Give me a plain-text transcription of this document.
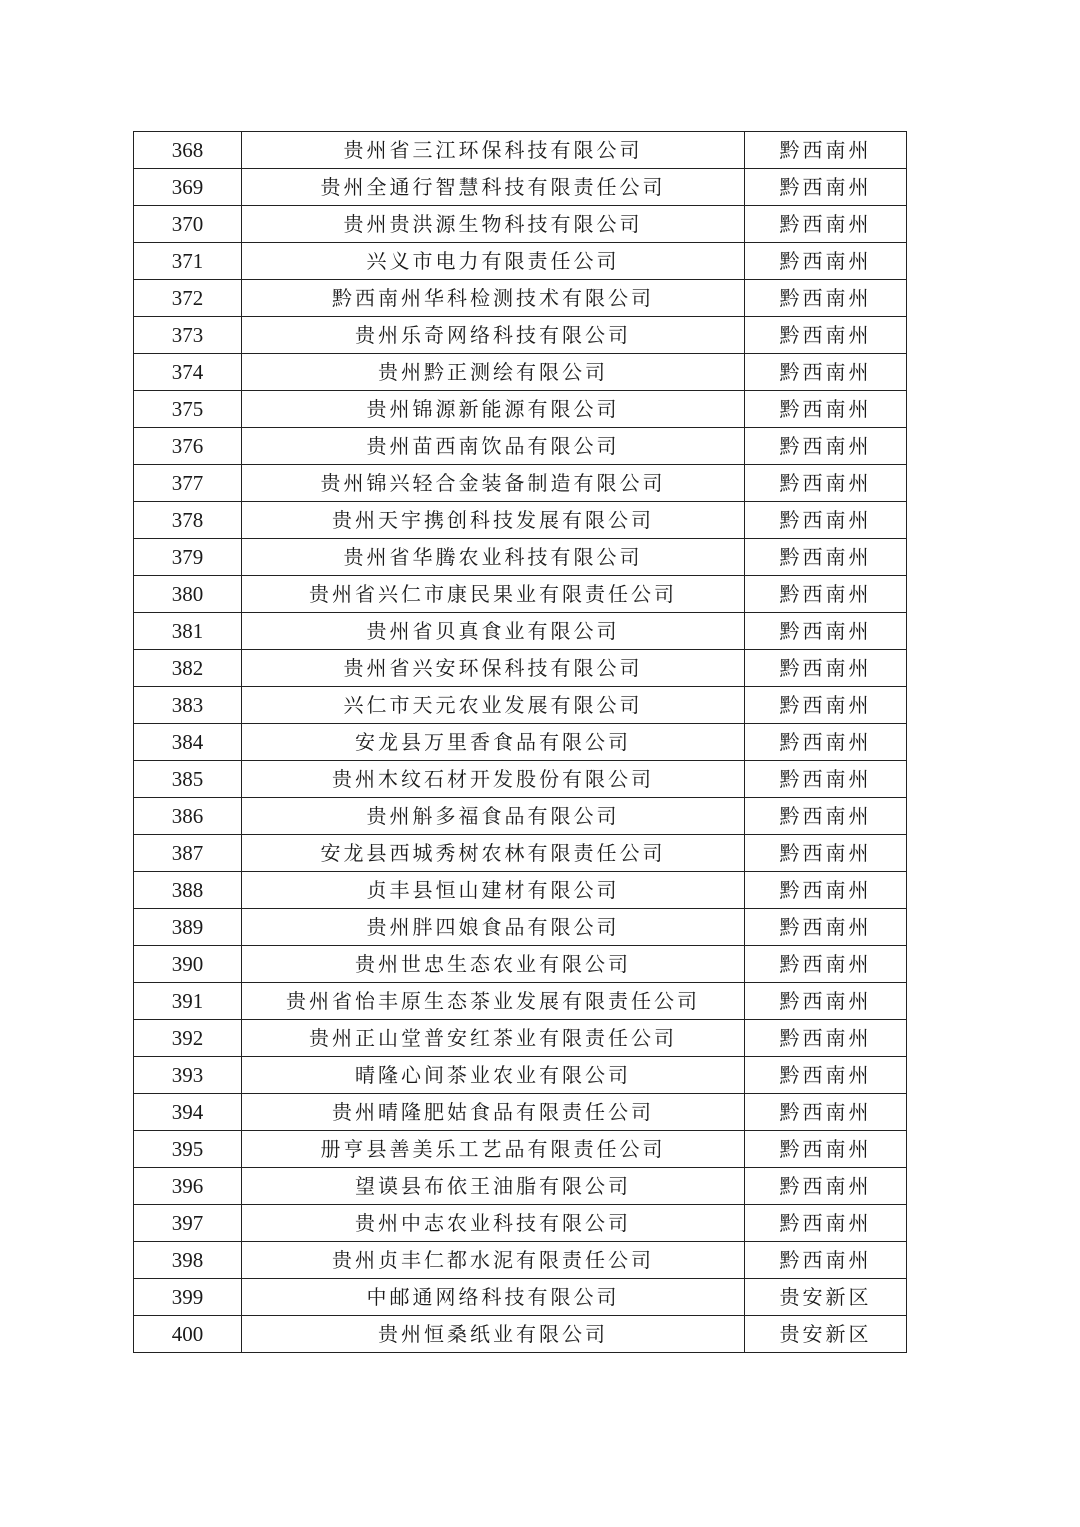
368	贵州省三江环保科技有限公司	黔西南州
369	贵州全通行智慧科技有限责任公司	黔西南州
370	贵州贵洪源生物科技有限公司	黔西南州
371	兴义市电力有限责任公司	黔西南州
372	黔西南州华科检测技术有限公司	黔西南州
373	贵州乐奇网络科技有限公司	黔西南州
374	贵州黔正测绘有限公司	黔西南州
375	贵州锦源新能源有限公司	黔西南州
376	贵州苗西南饮品有限公司	黔西南州
377	贵州锦兴轻合金装备制造有限公司	黔西南州
378	贵州天宇携创科技发展有限公司	黔西南州
379	贵州省华腾农业科技有限公司	黔西南州
380	贵州省兴仁市康民果业有限责任公司	黔西南州
381	贵州省贝真食业有限公司	黔西南州
382	贵州省兴安环保科技有限公司	黔西南州
383	兴仁市天元农业发展有限公司	黔西南州
384	安龙县万里香食品有限公司	黔西南州
385	贵州木纹石材开发股份有限公司	黔西南州
386	贵州斛多福食品有限公司	黔西南州
387	安龙县西城秀树农林有限责任公司	黔西南州
388	贞丰县恒山建材有限公司	黔西南州
389	贵州胖四娘食品有限公司	黔西南州
390	贵州世忠生态农业有限公司	黔西南州
391	贵州省怡丰原生态茶业发展有限责任公司	黔西南州
392	贵州正山堂普安红茶业有限责任公司	黔西南州
393	晴隆心间茶业农业有限公司	黔西南州
394	贵州晴隆肥姑食品有限责任公司	黔西南州
395	册亨县善美乐工艺品有限责任公司	黔西南州
396	望谟县布依王油脂有限公司	黔西南州
397	贵州中志农业科技有限公司	黔西南州
398	贵州贞丰仁都水泥有限责任公司	黔西南州
399	中邮通网络科技有限公司	贵安新区
400	贵州恒桑纸业有限公司	贵安新区
